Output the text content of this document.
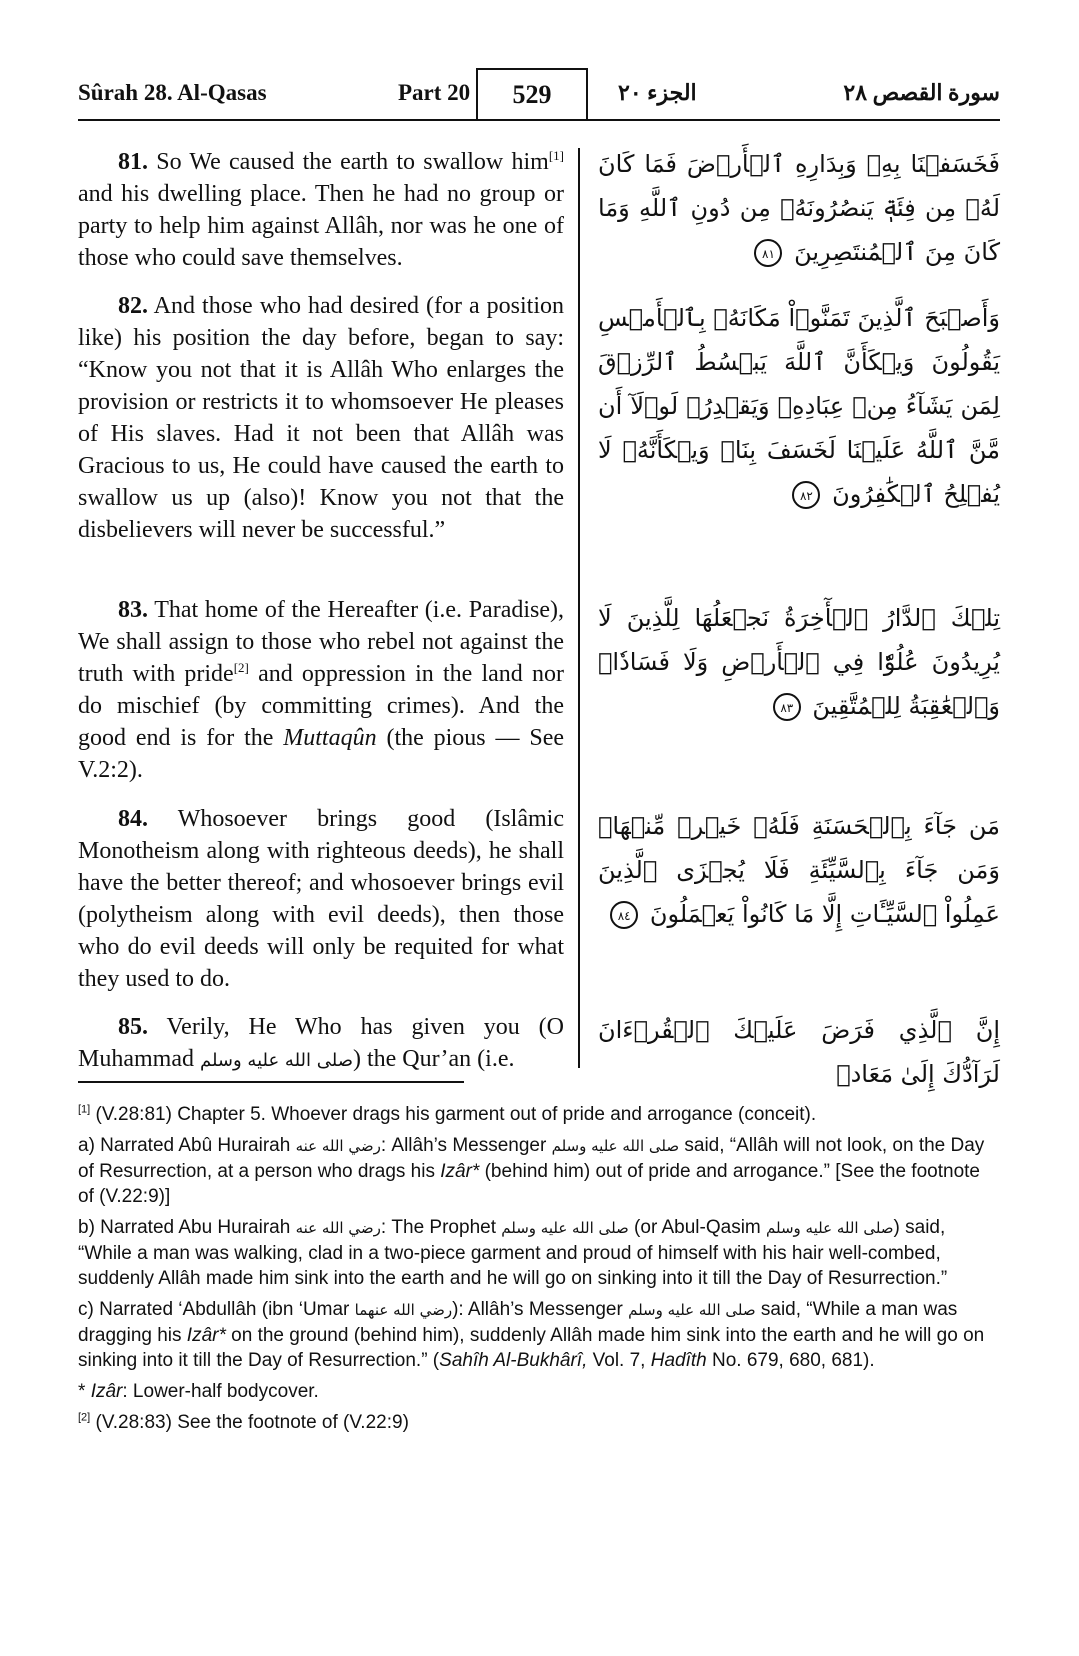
Sûrah 28. Al-Qasas	Part 20	529	الجزء ٢٠	سورة القصص ٢٨
81. So We caused the earth to swallow him[1] and his dwelling place. Then he had no group or party to help him against Allâh, nor was he one of those who could save themselves.
فَخَسَفۡنَا بِهِۦ وَبِدَارِهِ ٱلۡأَرۡضَ فَمَا كَانَ لَهُۥ مِن فِئَةٖ يَنصُرُونَهُۥ مِن دُونِ ٱللَّهِ وَمَا كَانَ مِنَ ٱلۡمُنتَصِرِينَ ٨١
82. And those who had desired (for a position like) his position the day before, began to say: “Know you not that it is Allâh Who enlarges the provision or restricts it to whomsoever He pleases of His slaves. Had it not been that Allâh was Gracious to us, He could have caused the earth to swallow us up (also)! Know you not that the disbelievers will never be successful.”
وَأَصۡبَحَ ٱلَّذِينَ تَمَنَّوۡاْ مَكَانَهُۥ بِٱلۡأَمۡسِ يَقُولُونَ وَيۡكَأَنَّ ٱللَّهَ يَبۡسُطُ ٱلرِّزۡقَ لِمَن يَشَآءُ مِنۡ عِبَادِهِۦ وَيَقۡدِرُۖ لَوۡلَآ أَن مَّنَّ ٱللَّهُ عَلَيۡنَا لَخَسَفَ بِنَاۖ وَيۡكَأَنَّهُۥ لَا يُفۡلِحُ ٱلۡكَٰفِرُونَ ٨٢
83. That home of the Hereafter (i.e. Paradise), We shall assign to those who rebel not against the truth with pride[2] and oppression in the land nor do mischief (by committing crimes). And the good end is for the Muttaqûn (the pious — See V.2:2).
تِلۡكَ ٱلدَّارُ ٱلۡأٓخِرَةُ نَجۡعَلُهَا لِلَّذِينَ لَا يُرِيدُونَ عُلُوّٗا فِي ٱلۡأَرۡضِ وَلَا فَسَادٗاۚ وَٱلۡعَٰقِبَةُ لِلۡمُتَّقِينَ ٨٣
84. Whosoever brings good (Islâmic Monotheism along with righteous deeds), he shall have the better thereof; and whosoever brings evil (polytheism along with evil deeds), then those who do evil deeds will only be requited for what they used to do.
مَن جَآءَ بِٱلۡحَسَنَةِ فَلَهُۥ خَيۡرٞ مِّنۡهَاۖ وَمَن جَآءَ بِٱلسَّيِّئَةِ فَلَا يُجۡزَى ٱلَّذِينَ عَمِلُواْ ٱلسَّيِّـَٔاتِ إِلَّا مَا كَانُواْ يَعۡمَلُونَ ٨٤
85. Verily, He Who has given you (O Muhammad صلى الله عليه وسلم) the Qur’an (i.e.
إِنَّ ٱلَّذِي فَرَضَ عَلَيۡكَ ٱلۡقُرۡءَانَ لَرَآدُّكَ إِلَىٰ مَعَادٖ

[1] (V.28:81) Chapter 5. Whoever drags his garment out of pride and arrogance (conceit).

a) Narrated Abû Hurairah رضي الله عنه: Allâh’s Messenger صلى الله عليه وسلم said, “Allâh will not look, on the Day of Resurrection, at a person who drags his Izâr* (behind him) out of pride and arrogance.” [See the footnote of (V.22:9)]

b) Narrated Abu Hurairah رضي الله عنه: The Prophet صلى الله عليه وسلم (or Abul-Qasim صلى الله عليه وسلم) said, “While a man was walking, clad in a two-piece garment and proud of himself with his hair well-combed, suddenly Allâh made him sink into the earth and he will go on sinking into it till the Day of Resurrection.”

c) Narrated ‘Abdullâh (ibn ‘Umar رضي الله عنهما): Allâh’s Messenger صلى الله عليه وسلم said, “While a man was dragging his Izâr* on the ground (behind him), suddenly Allâh made him sink into the earth and he will go on sinking into it till the Day of Resurrection.” (Sahîh Al-Bukhârî, Vol. 7, Hadîth No. 679, 680, 681).

* Izâr: Lower-half bodycover.

[2] (V.28:83) See the footnote of (V.22:9)
